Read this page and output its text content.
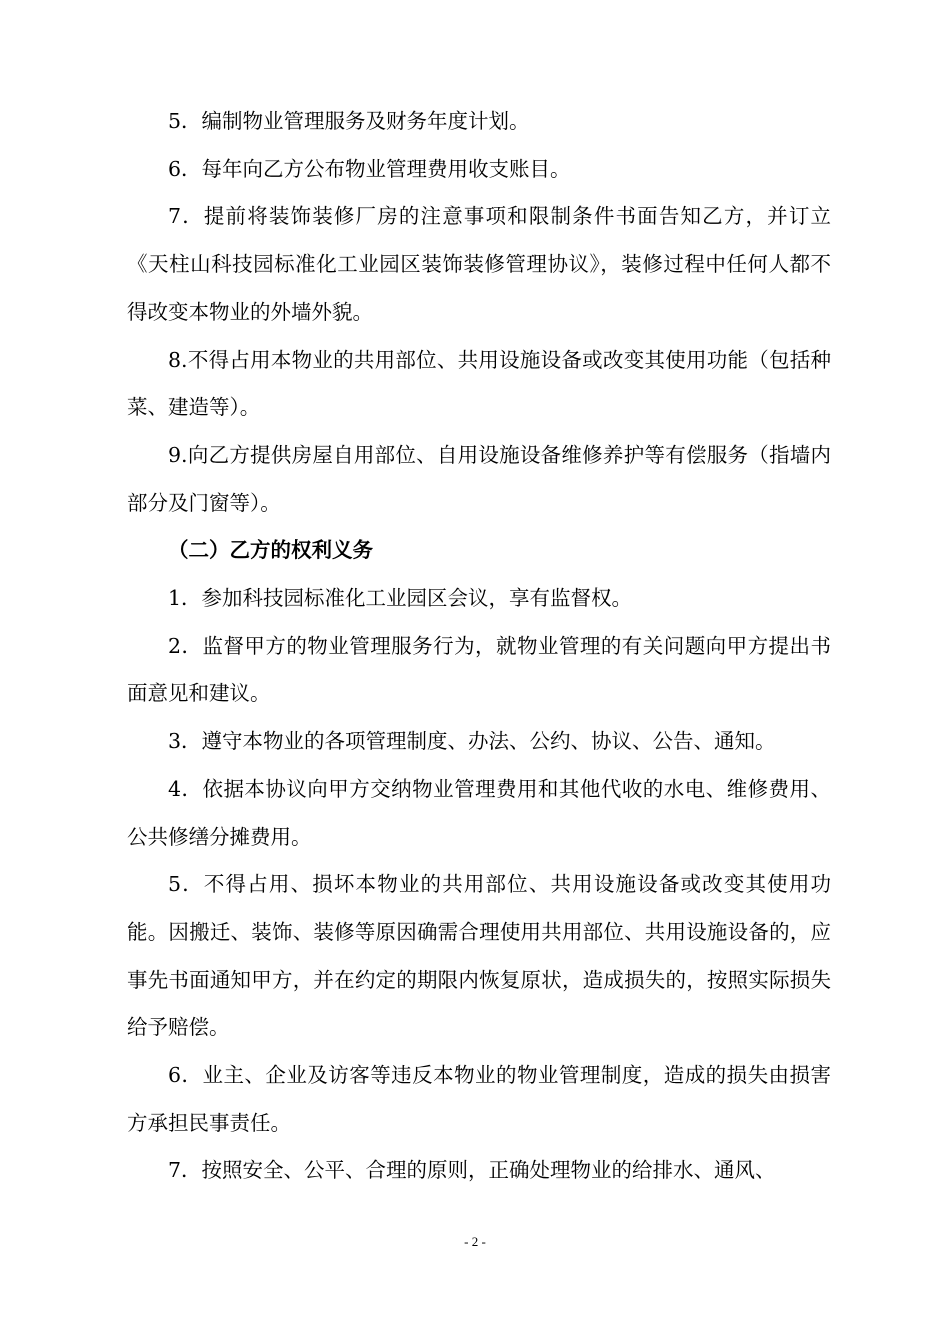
5．编制物业管理服务及财务年度计划。

6．每年向乙方公布物业管理费用收支账目。

7．提前将装饰装修厂房的注意事项和限制条件书面告知乙方，并订立《天柱山科技园标准化工业园区装饰装修管理协议》，装修过程中任何人都不得改变本物业的外墙外貌。

8.不得占用本物业的共用部位、共用设施设备或改变其使用功能（包括种菜、建造等）。

9.向乙方提供房屋自用部位、自用设施设备维修养护等有偿服务（指墙内部分及门窗等）。

（二）乙方的权利义务

1．参加科技园标准化工业园区会议，享有监督权。

2．监督甲方的物业管理服务行为，就物业管理的有关问题向甲方提出书面意见和建议。

3．遵守本物业的各项管理制度、办法、公约、协议、公告、通知。

4．依据本协议向甲方交纳物业管理费用和其他代收的水电、维修费用、公共修缮分摊费用。

5．不得占用、损坏本物业的共用部位、共用设施设备或改变其使用功能。因搬迁、装饰、装修等原因确需合理使用共用部位、共用设施设备的，应事先书面通知甲方，并在约定的期限内恢复原状，造成损失的，按照实际损失给予赔偿。

6．业主、企业及访客等违反本物业的物业管理制度，造成的损失由损害方承担民事责任。

7．按照安全、公平、合理的原则，正确处理物业的给排水、通风、

- 2 -
